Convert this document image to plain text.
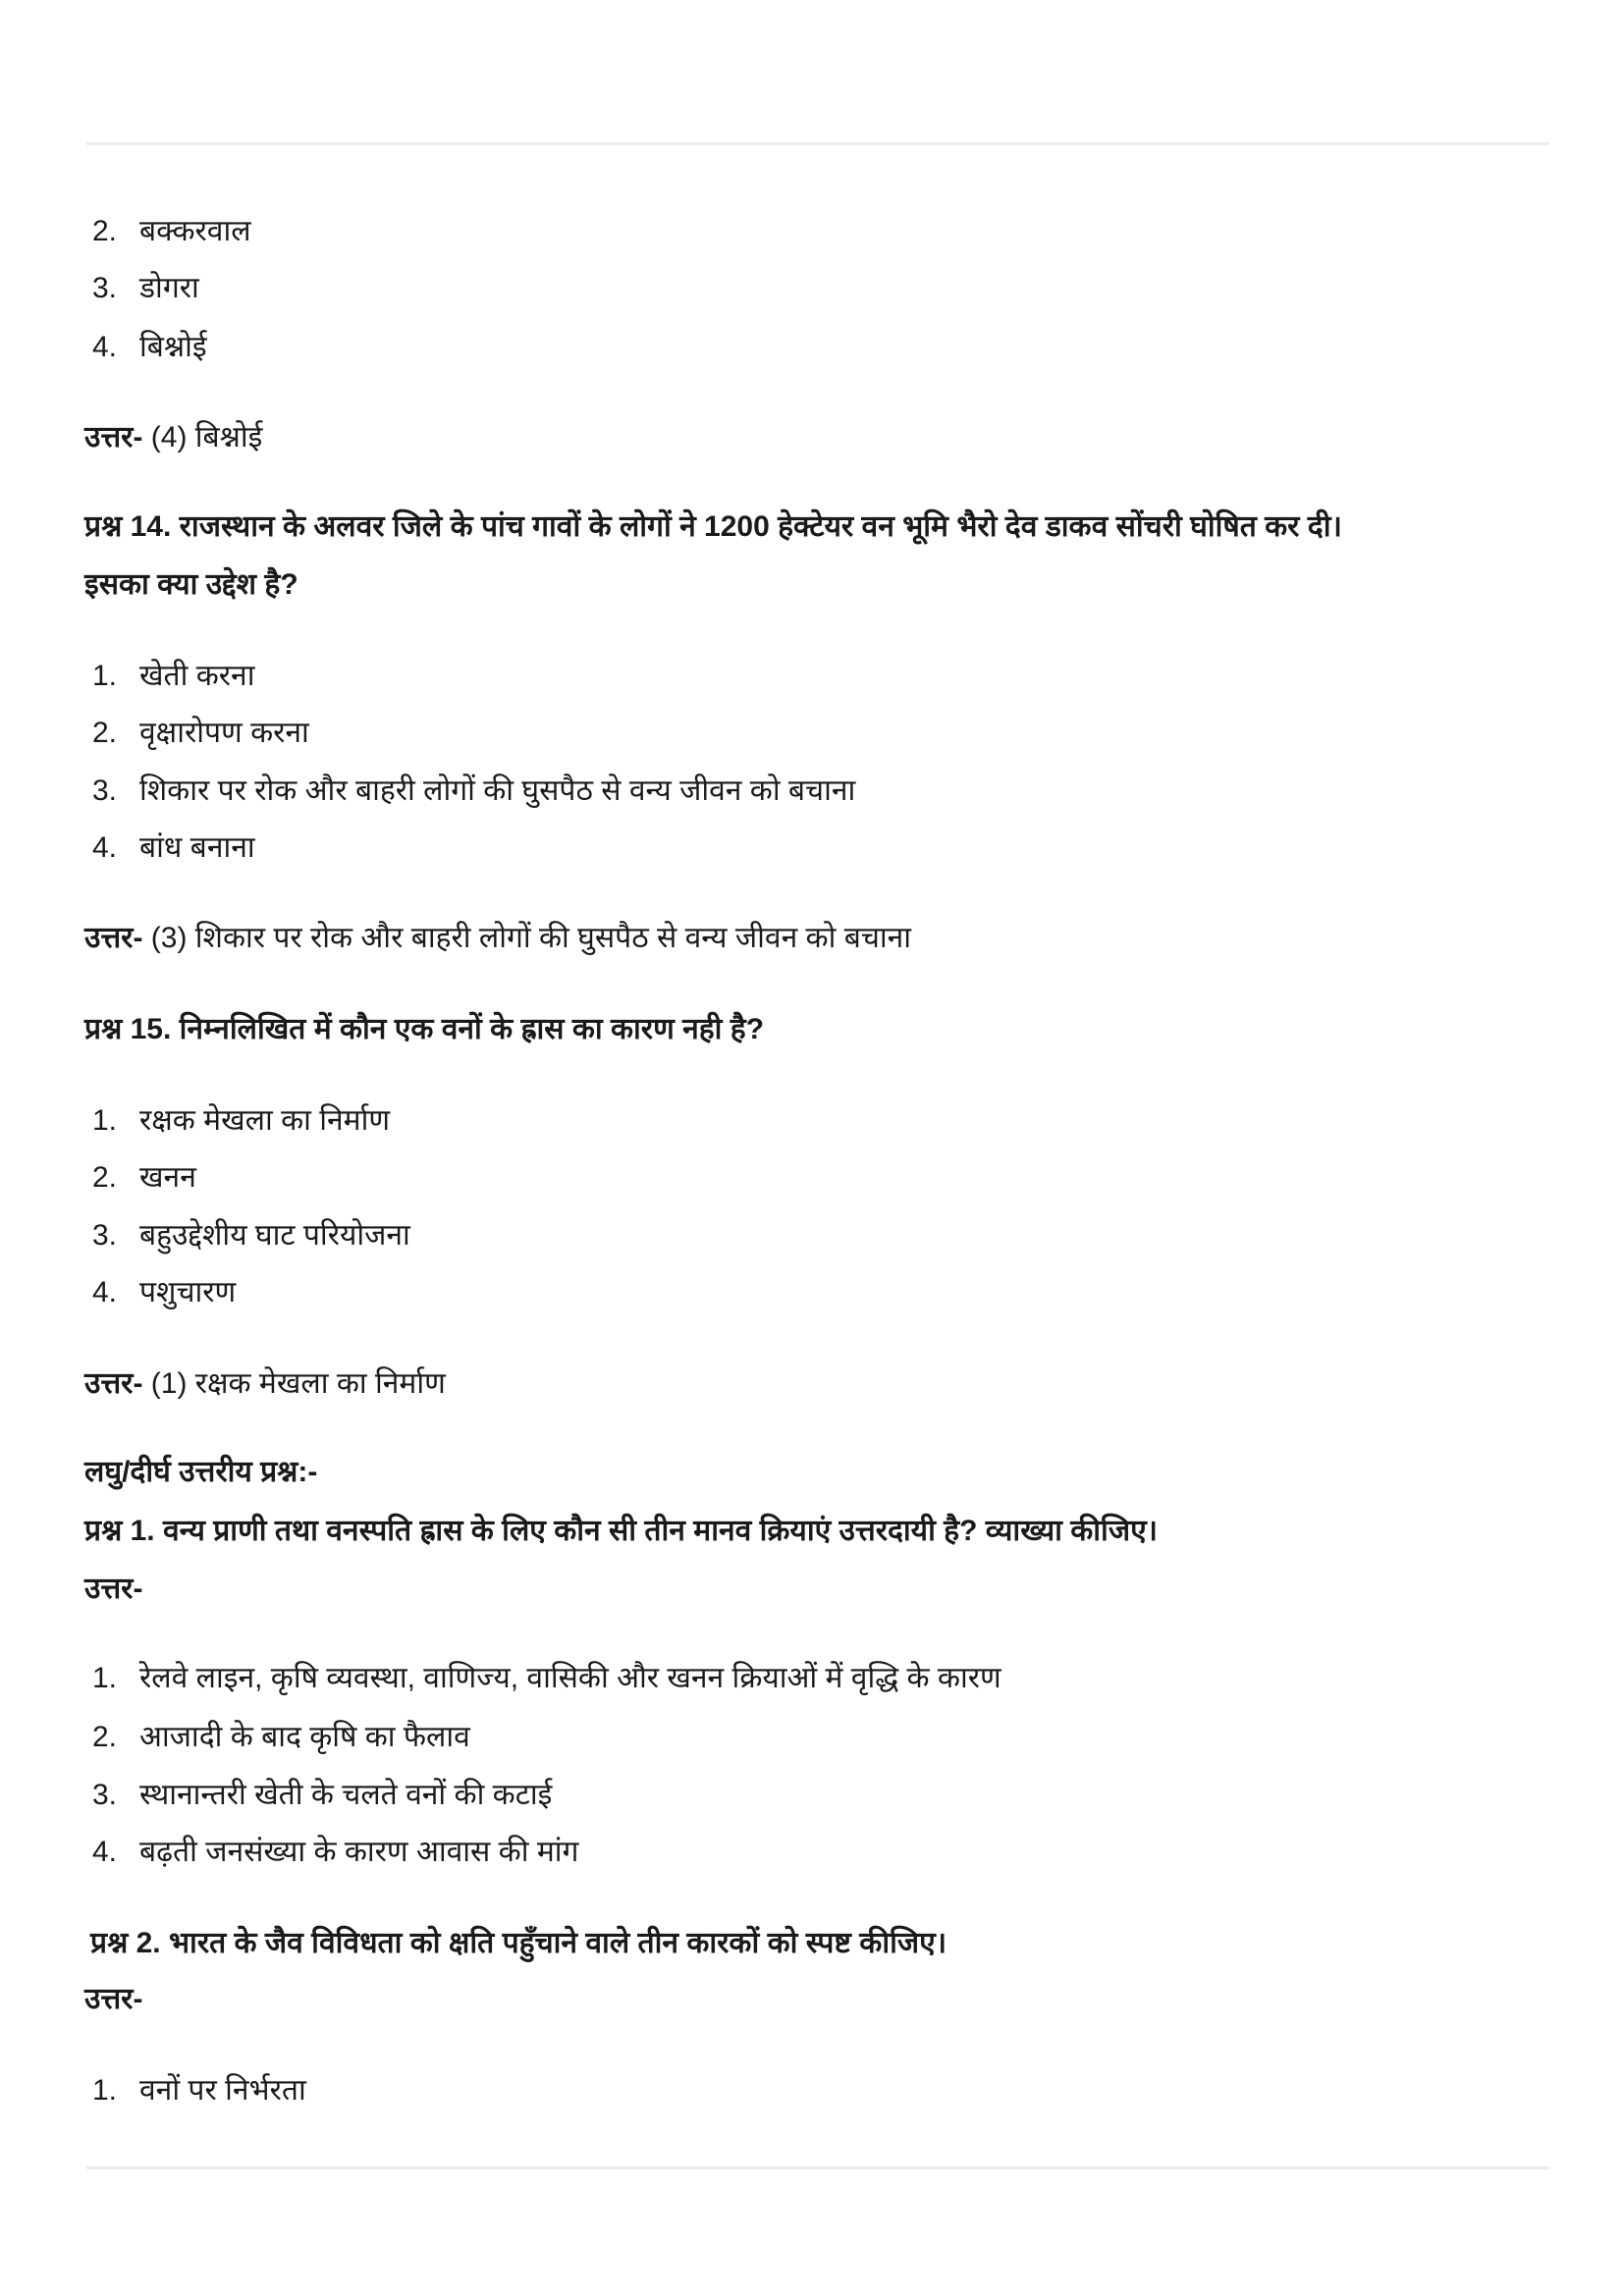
2. बक्करवाल
3. डोगरा
4. बिश्नोई
उत्तर- (4) बिश्नोई
प्रश्न 14. राजस्थान के अलवर जिले के पांच गावों के लोगों ने 1200 हेक्टेयर वन भूमि भैरो देव डाकव सोंचरी घोषित कर दी।
इसका क्या उद्देश है?
1. खेती करना
2. वृक्षारोपण करना
3. शिकार पर रोक और बाहरी लोगों की घुसपैठ से वन्य जीवन को बचाना
4. बांध बनाना
उत्तर- (3) शिकार पर रोक और बाहरी लोगों की घुसपैठ से वन्य जीवन को बचाना
प्रश्न 15. निम्नलिखित में कौन एक वनों के ह्रास का कारण नही है?
1. रक्षक मेखला का निर्माण
2. खनन
3. बहुउद्देशीय घाट परियोजना
4. पशुचारण
उत्तर- (1) रक्षक मेखला का निर्माण
लघु/दीर्घ उत्तरीय प्रश्न:-
प्रश्न 1. वन्य प्राणी तथा वनस्पति ह्रास के लिए कौन सी तीन मानव क्रियाएं उत्तरदायी है? व्याख्या कीजिए।
उत्तर-
1. रेलवे लाइन, कृषि व्यवस्था, वाणिज्य, वासिकी और खनन क्रियाओं में वृद्धि के कारण
2. आजादी के बाद कृषि का फैलाव
3. स्थानान्तरी खेती के चलते वनों की कटाई
4. बढ़ती जनसंख्या के कारण आवास की मांग
प्रश्न 2. भारत के जैव विविधता को क्षति पहुँचाने वाले तीन कारकों को स्पष्ट कीजिए।
उत्तर-
1. वनों पर निर्भरता
